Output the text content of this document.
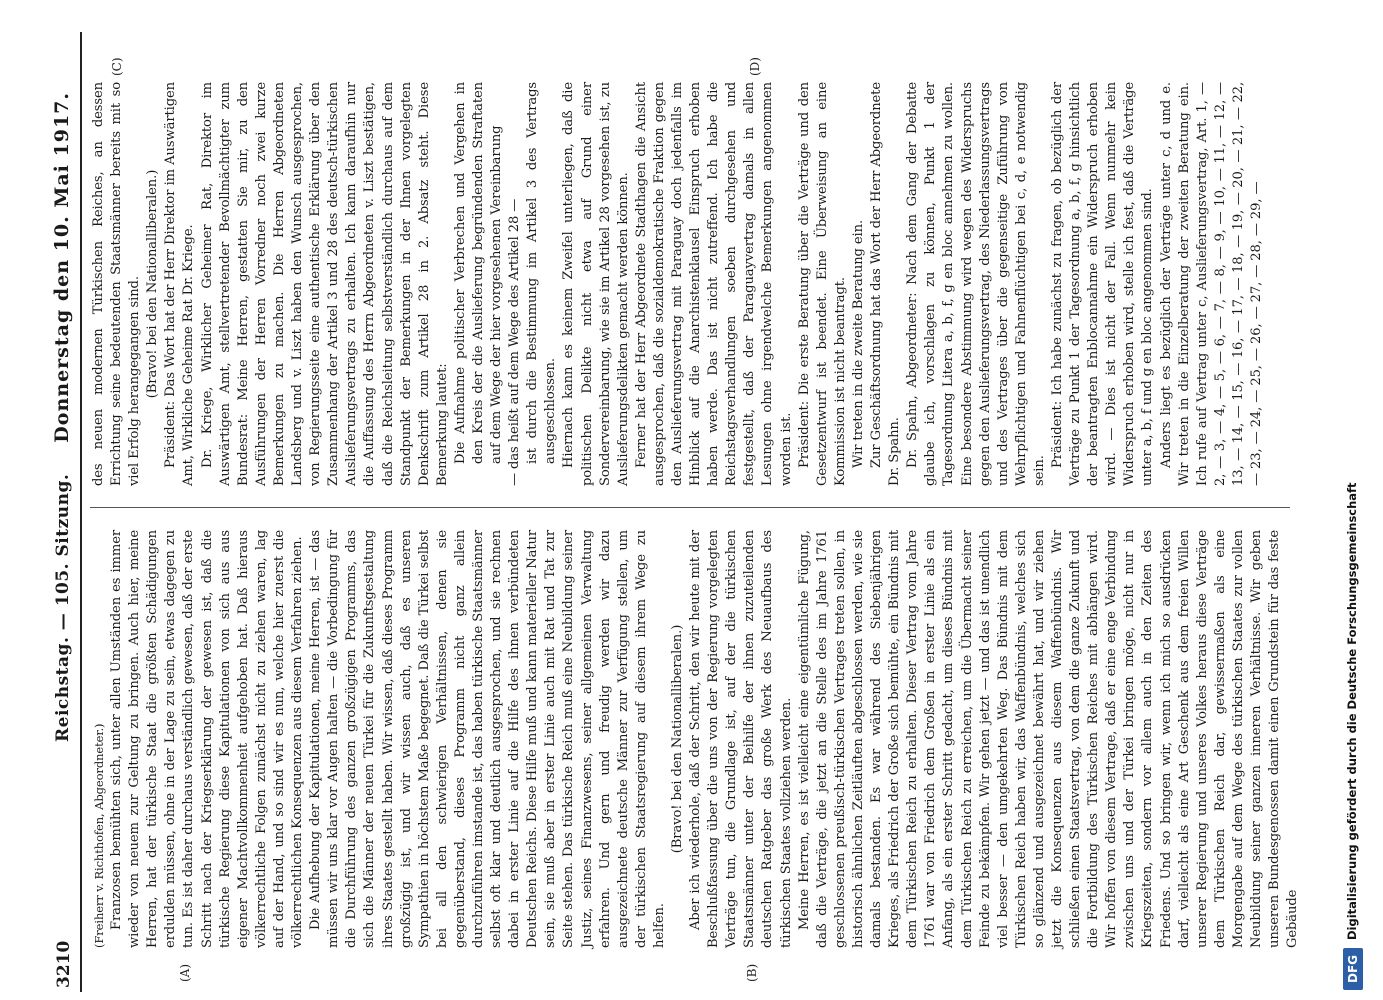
3210
Reichstag. — 105. Sitzung.
Donnerstag den 10. Mai 1917.
(A)	(B)
(C)	(D)

(Freiherr v. Richthofen, Abgeordneter.) Franzosen bemühten sich, unter allen Umständen es immer wieder von neuem zur Geltung zu bringen. Auch hier, meine Herren, hat der türkische Staat die größten Schädigungen erdulden müssen, ohne in der Lage zu sein, etwas dagegen zu tun. Es ist daher durchaus verständlich gewesen, daß der erste Schritt nach der Kriegserklärung der gewesen ist, daß die türkische Regierung diese Kapitulationen von sich aus aus eigener Machtvollkommenheit aufgehoben hat. Daß hieraus völkerrechtliche Folgen zunächst nicht zu ziehen waren, lag auf der Hand, und so sind wir es nun, welche hier zuerst die völkerrechtlichen Konsequenzen aus diesem Verfahren ziehen. Die Aufhebung der Kapitulationen, meine Herren, ist — das müssen wir uns klar vor Augen halten — die Vorbedingung für die Durchführung des ganzen großzügigen Programms, das sich die Männer der neuen Türkei für die Zukunftsgestaltung ihres Staates gestellt haben. Wir wissen, daß dieses Programm großzügig ist, und wir wissen auch, daß es unseren Sympathien in höchstem Maße begegnet. Daß die Türkei selbst bei all den schwierigen Verhältnissen, denen sie gegenüberstand, dieses Programm nicht ganz allein durchzuführen imstande ist, das haben türkische Staatsmänner selbst oft klar und deutlich ausgesprochen, und sie rechnen dabei in erster Linie auf die Hilfe des ihnen verbündeten Deutschen Reichs. Diese Hilfe muß und kann materieller Natur sein, sie muß aber in erster Linie auch mit Rat und Tat zur Seite stehen. Das türkische Reich muß eine Neubildung seiner Justiz, seines Finanzwesens, seiner allgemeinen Verwaltung erfahren. Und gern und freudig werden wir dazu ausgezeichnete deutsche Männer zur Verfügung stellen, um der türkischen Staatsregierung auf diesem ihrem Wege zu helfen.

(Bravo! bei den Nationalliberalen.) Aber ich wiederhole, daß der Schritt, den wir heute mit der Beschlußfassung über die uns von der Regierung vorgelegten Verträge tun, die Grundlage ist, auf der die türkischen Staatsmänner unter der Beihilfe der ihnen zuzuteilenden deutschen Ratgeber das große Werk des Neuaufbaus des türkischen Staates vollziehen werden. Meine Herren, es ist vielleicht eine eigentümliche Fügung, daß die Verträge, die jetzt an die Stelle des im Jahre 1761 geschlossenen preußisch-türkischen Vertrages treten sollen, in historisch ähnlichen Zeitläuften abgeschlossen werden, wie sie damals bestanden. Es war während des Siebenjährigen Krieges, als Friedrich der Große sich bemühte, ein Bündnis mit dem Türkischen Reich zu erhalten. Dieser Vertrag vom Jahre 1761 war von Friedrich dem Großen in erster Linie als ein Anfang, als ein erster Schritt gedacht, um dieses Bündnis mit dem Türkischen Reich zu erreichen, um die Übermacht seiner Feinde zu bekämpfen. Wir gehen jetzt — und das ist unendlich viel besser — den umgekehrten Weg. Das Bündnis mit dem Türkischen Reich haben wir, das Waffenbündnis, welches sich so glänzend und ausgezeichnet bewährt hat, und wir ziehen jetzt die Konsequenzen aus diesem Waffenbündnis. Wir schließen einen Staatsvertrag, von dem die ganze Zukunft und die Fortbildung des Türkischen Reiches mit abhängen wird. Wir hoffen von diesem Vertrage, daß er eine enge Verbindung zwischen uns und der Türkei bringen möge, nicht nur in Kriegszeiten, sondern vor allem auch in den Zeiten des Friedens. Und so bringen wir, wenn ich mich so ausdrücken darf, vielleicht als eine Art Geschenk aus dem freien Willen unserer Regierung und unseres Volkes heraus diese Verträge dem Türkischen Reich dar, gewissermaßen als eine Morgengabe auf dem Wege des türkischen Staates zur vollen Neubildung seiner ganzen inneren Verhältnisse. Wir geben unseren Bundesgenossen damit einen Grundstein für das feste Gebäude

des neuen modernen Türkischen Reiches, an dessen Errichtung seine bedeutenden Staatsmänner bereits mit so viel Erfolg herangegangen sind. (Bravo! bei den Nationalliberalen.) Präsident: Das Wort hat der Herr Direktor im Auswärtigen Amt, Wirkliche Geheime Rat Dr. Kriege. Dr. Kriege, Wirklicher Geheimer Rat, Direktor im Auswärtigen Amt, stellvertretender Bevollmächtigter zum Bundesrat: Meine Herren, gestatten Sie mir, zu den Ausführungen der Herren Vorredner noch zwei kurze Bemerkungen zu machen. Die Herren Abgeordneten Landsberg und v. Liszt haben den Wunsch ausgesprochen, von Regierungsseite eine authentische Erklärung über den Zusammenhang der Artikel 3 und 28 des deutsch-türkischen Auslieferungsvertrags zu erhalten. Ich kann daraufhin nur die Auffassung des Herrn Abgeordneten v. Liszt bestätigen, daß die Reichsleitung selbstverständlich durchaus auf dem Standpunkt der Bemerkungen in der Ihnen vorgelegten Denkschrift zum Artikel 28 in 2. Absatz steht. Diese Bemerkung lautet: Die Aufnahme politischer Verbrechen und Vergehen in den Kreis der die Auslieferung begründenden Straftaten auf dem Wege der hier vorgesehenen Vereinbarung — das heißt auf dem Wege des Artikel 28 — ist durch die Bestimmung im Artikel 3 des Vertrags ausgeschlossen. Hiernach kann es keinem Zweifel unterliegen, daß die politischen Delikte nicht etwa auf Grund einer Sondervereinbarung, wie sie im Artikel 28 vorgesehen ist, zu Auslieferungsdelikten gemacht werden können. Ferner hat der Herr Abgeordnete Stadthagen die Ansicht ausgesprochen, daß die sozialdemokratische Fraktion gegen den Auslieferungsvertrag mit Paraguay doch jedenfalls im Hinblick auf die Anarchistenklausel Einspruch erhoben haben werde. Das ist nicht zutreffend. Ich habe die Reichstagsverhandlungen soeben durchgesehen und festgestellt, daß der Paraguayvertrag damals in allen Lesungen ohne irgendwelche Bemerkungen angenommen worden ist. Präsident: Die erste Beratung über die Verträge und den Gesetzentwurf ist beendet. Eine Überweisung an eine Kommission ist nicht beantragt. Wir treten in die zweite Beratung ein. Zur Geschäftsordnung hat das Wort der Herr Abgeordnete Dr. Spahn. Dr. Spahn, Abgeordneter: Nach dem Gang der Debatte glaube ich, vorschlagen zu können, Punkt 1 der Tagesordnung Litera a, b, f, g en bloc annehmen zu wollen. Eine besondere Abstimmung wird wegen des Widerspruchs gegen den Auslieferungsvertrag, des Niederlassungsvertrags und des Vertrages über die gegenseitige Zuführung von Wehrpflichtigen und Fahnenflüchtigen bei c, d, e notwendig sein.

Präsident: Ich habe zunächst zu fragen, ob bezüglich der Verträge zu Punkt 1 der Tagesordnung a, b, f, g hinsichtlich der beantragten Enblocannahme ein Widerspruch erhoben wird. — Dies ist nicht der Fall. Wenn nunmehr kein Widerspruch erhoben wird, stelle ich fest, daß die Verträge unter a, b, f und g en bloc angenommen sind. Anders liegt es bezüglich der Verträge unter c, d und e. Wir treten in die Einzelberatung der zweiten Beratung ein. Ich rufe auf Vertrag unter c, Auslieferungsvertrag, Art. 1, — 2, — 3, — 4, — 5, — 6, — 7, — 8, — 9, — 10, — 11, — 12, — 13, — 14, — 15, — 16, — 17, — 18, — 19, — 20, — 21, — 22, — 23, — 24, — 25, — 26, — 27, — 28, — 29, —

DFG
Digitalisierung gefördert durch die Deutsche Forschungsgemeinschaft
